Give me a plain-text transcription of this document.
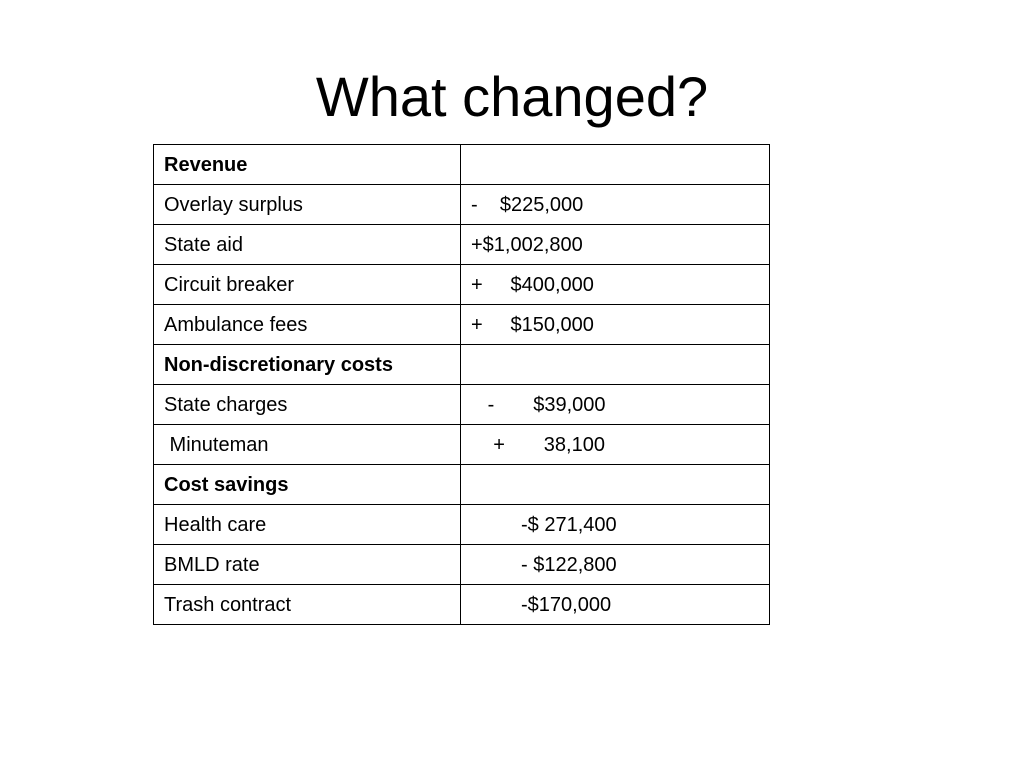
What changed?
Revenue	
Overlay surplus	-    $225,000
State aid	+$1,002,800
Circuit breaker	+     $400,000
Ambulance fees	+     $150,000
Non-discretionary costs	
State charges	-       $39,000
Minuteman	+       38,100
Cost savings	
Health care	-$ 271,400
BMLD rate	- $122,800
Trash contract	-$170,000
